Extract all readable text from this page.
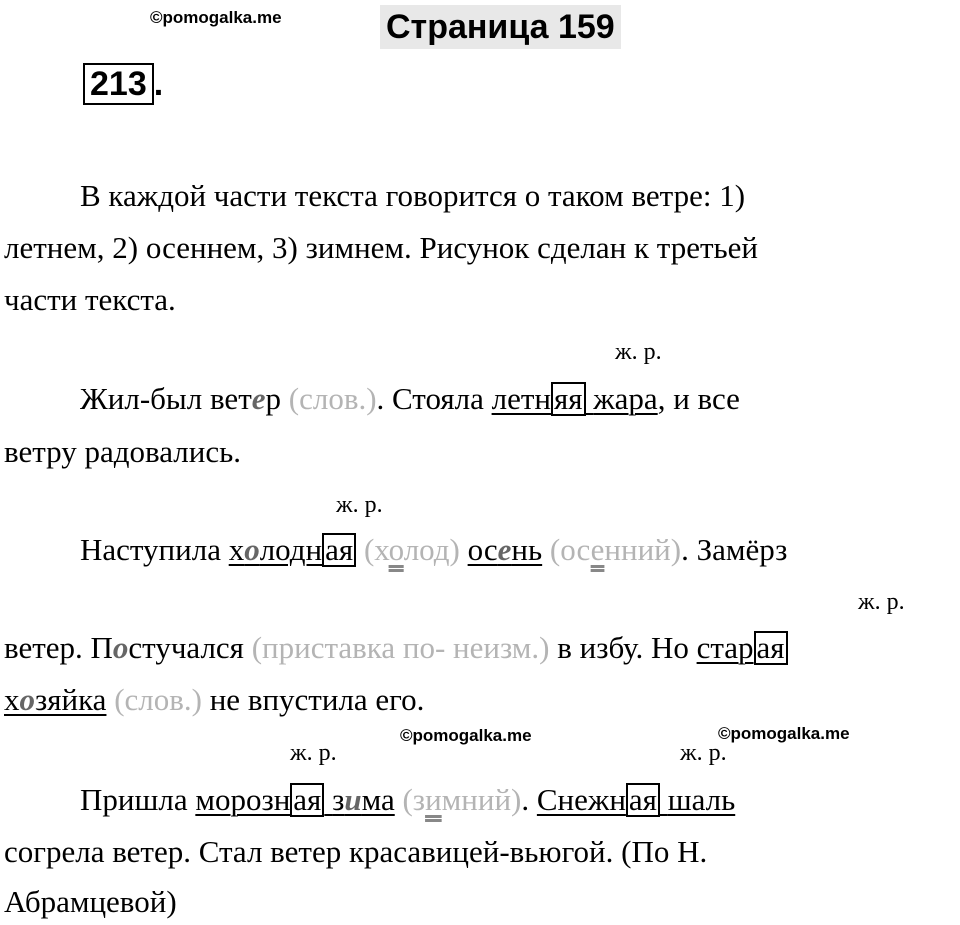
©pomogalka.me
©pomogalka.me	©pomogalka.me
Страница 159
213 .
В каждой части текста говорится о таком ветре: 1)
летнем, 2) осеннем, 3) зимнем. Рисунок сделан к третьей
части текста.
ж. р.
Жил-был ветер (слов.). Стояла летняя жара, и все
ветру радовались.
ж. р.
Наступила холодная (холод) осень (осенний). Замёрз
ж. р.
ветер. Постучался (приставка по- неизм.) в избу. Но старая
хозяйка (слов.) не впустила его.
ж. р.	ж. р.
Пришла морозная зима (зимний). Снежная шаль
согрела ветер. Стал ветер красавицей-вьюгой. (По Н.
Абрамцевой)
